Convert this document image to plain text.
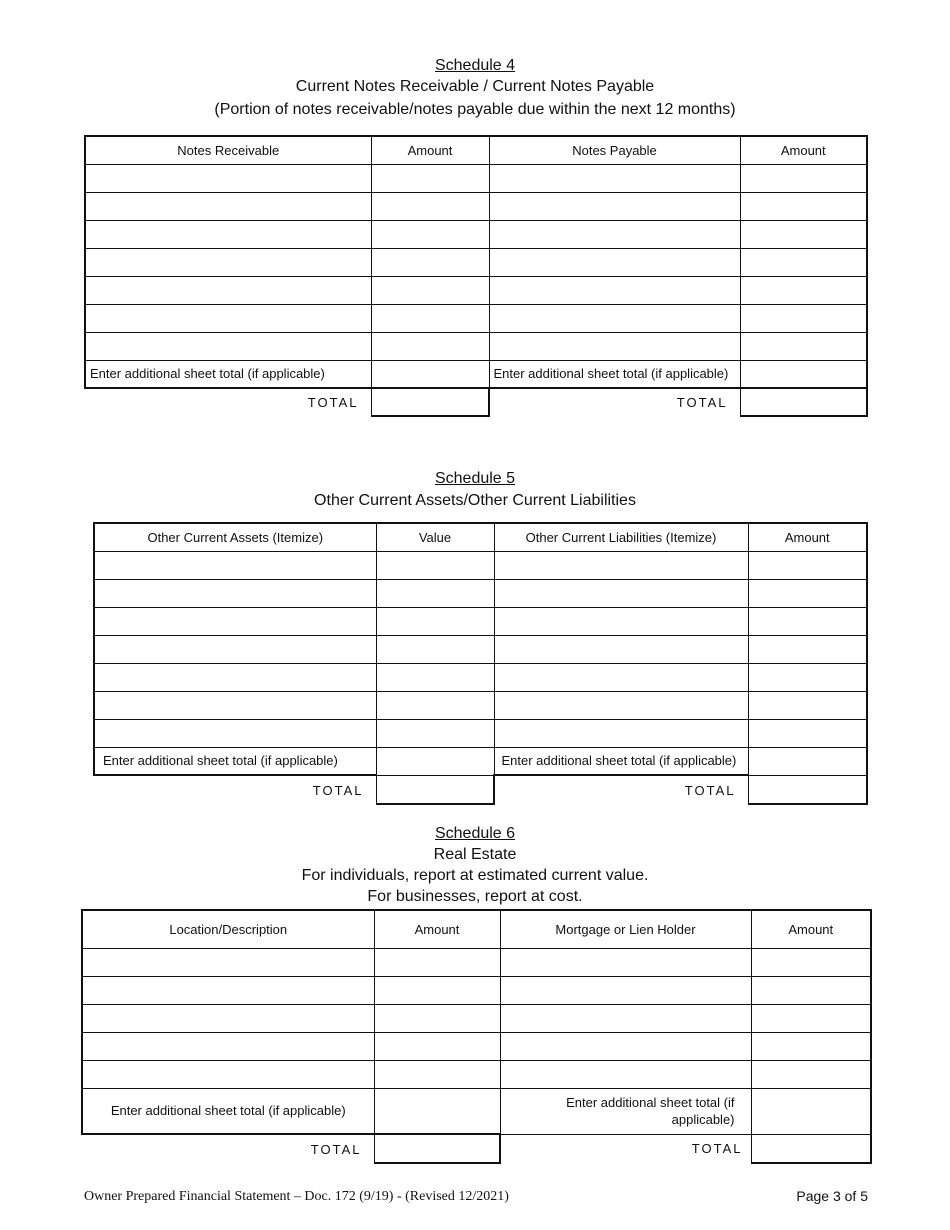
Schedule 4
Current Notes Receivable / Current Notes Payable
(Portion of notes receivable/notes payable due within the next 12 months)
Notes Receivable	Amount	Notes Payable	Amount

Enter additional sheet total (if applicable)		Enter additional sheet total (if applicable)	
TOTAL		TOTAL	
Schedule 5
Other Current Assets/Other Current Liabilities
Other Current Assets (Itemize)	Value	Other Current Liabilities (Itemize)	Amount

Enter additional sheet total (if applicable)		Enter additional sheet total (if applicable)	
TOTAL		TOTAL	
Schedule 6
Real Estate
For individuals, report at estimated current value.
For businesses, report at cost.
Location/Description	Amount	Mortgage or Lien Holder	Amount

Enter additional sheet total (if applicable)		Enter additional sheet total (if applicable)	
TOTAL		TOTAL	
Owner Prepared Financial Statement – Doc. 172 (9/19) - (Revised 12/2021)	Page 3 of 5
